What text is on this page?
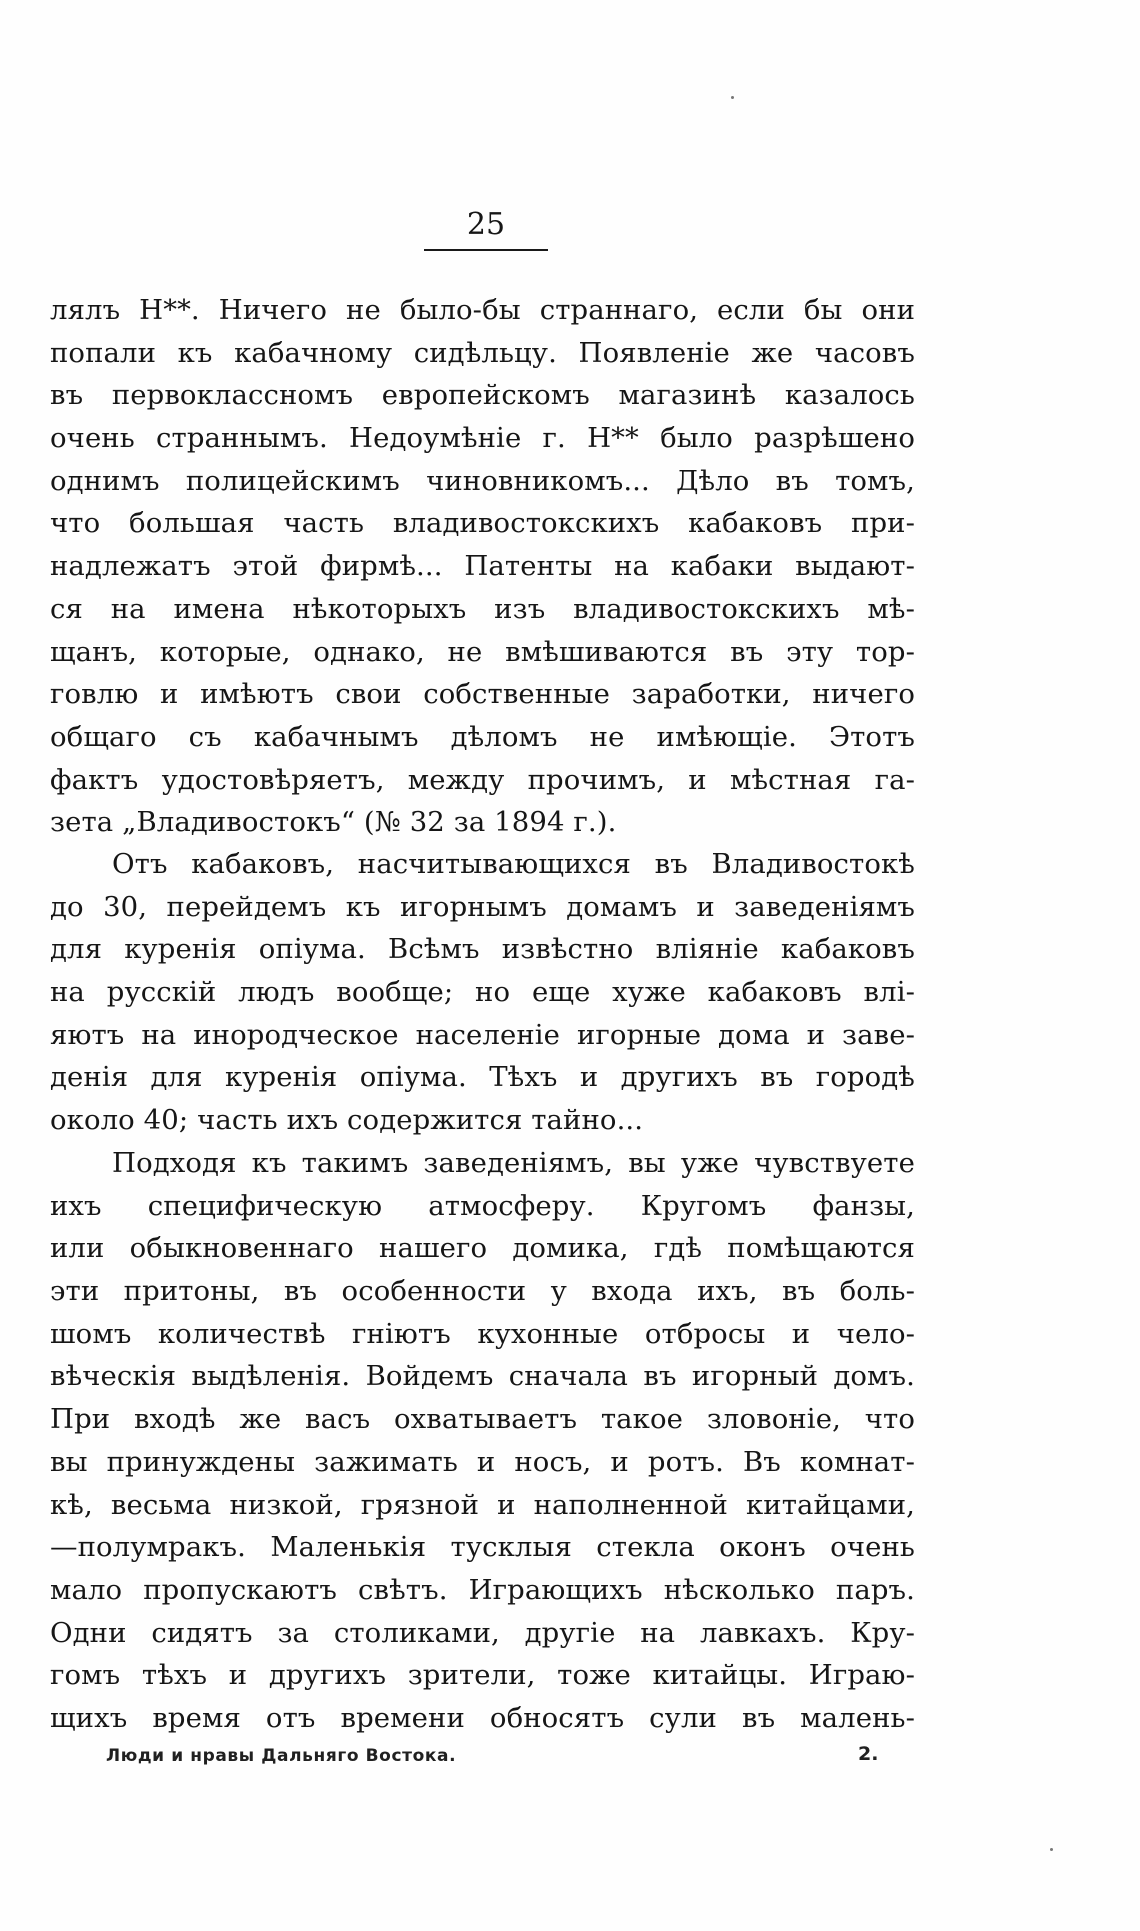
25
лялъ Н**. Ничего не было-бы страннаго, если бы они
попали къ кабачному сидѣльцу. Появленіе же часовъ
въ первоклассномъ европейскомъ магазинѣ казалось
очень страннымъ. Недоумѣніе г. Н** было разрѣшено
однимъ полицейскимъ чиновникомъ... Дѣло въ томъ,
что большая часть владивостокскихъ кабаковъ при-
надлежатъ этой фирмѣ... Патенты на кабаки выдают-
ся на имена нѣкоторыхъ изъ владивостокскихъ мѣ-
щанъ, которые, однако, не вмѣшиваются въ эту тор-
говлю и имѣютъ свои собственные заработки, ничего
общаго съ кабачнымъ дѣломъ не имѣющіе. Этотъ
фактъ удостовѣряетъ, между прочимъ, и мѣстная га-
зета „Владивостокъ“ (№ 32 за 1894 г.).
Отъ кабаковъ, насчитывающихся въ Владивостокѣ
до 30, перейдемъ къ игорнымъ домамъ и заведеніямъ
для куренія опіума. Всѣмъ извѣстно вліяніе кабаковъ
на русскій людъ вообще; но еще хуже кабаковъ влі-
яютъ на инородческое населеніе игорные дома и заве-
денія для куренія опіума. Тѣхъ и другихъ въ городѣ
около 40; часть ихъ содержится тайно...
Подходя къ такимъ заведеніямъ, вы уже чувствуете
ихъ специфическую атмосферу. Кругомъ фанзы,
или обыкновеннаго нашего домика, гдѣ помѣщаются
эти притоны, въ особенности у входа ихъ, въ боль-
шомъ количествѣ гніютъ кухонные отбросы и чело-
вѣческія выдѣленія. Войдемъ сначала въ игорный домъ.
При входѣ же васъ охватываетъ такое зловоніе, что
вы принуждены зажимать и носъ, и ротъ. Въ комнат-
кѣ, весьма низкой, грязной и наполненной китайцами,
—полумракъ. Маленькія тусклыя стекла оконъ очень
мало пропускаютъ свѣтъ. Играющихъ нѣсколько паръ.
Одни сидятъ за столиками, другіе на лавкахъ. Кру-
гомъ тѣхъ и другихъ зрители, тоже китайцы. Играю-
щихъ время отъ времени обносятъ сули въ малень-
Люди и нравы Дальняго Востока.	2.
